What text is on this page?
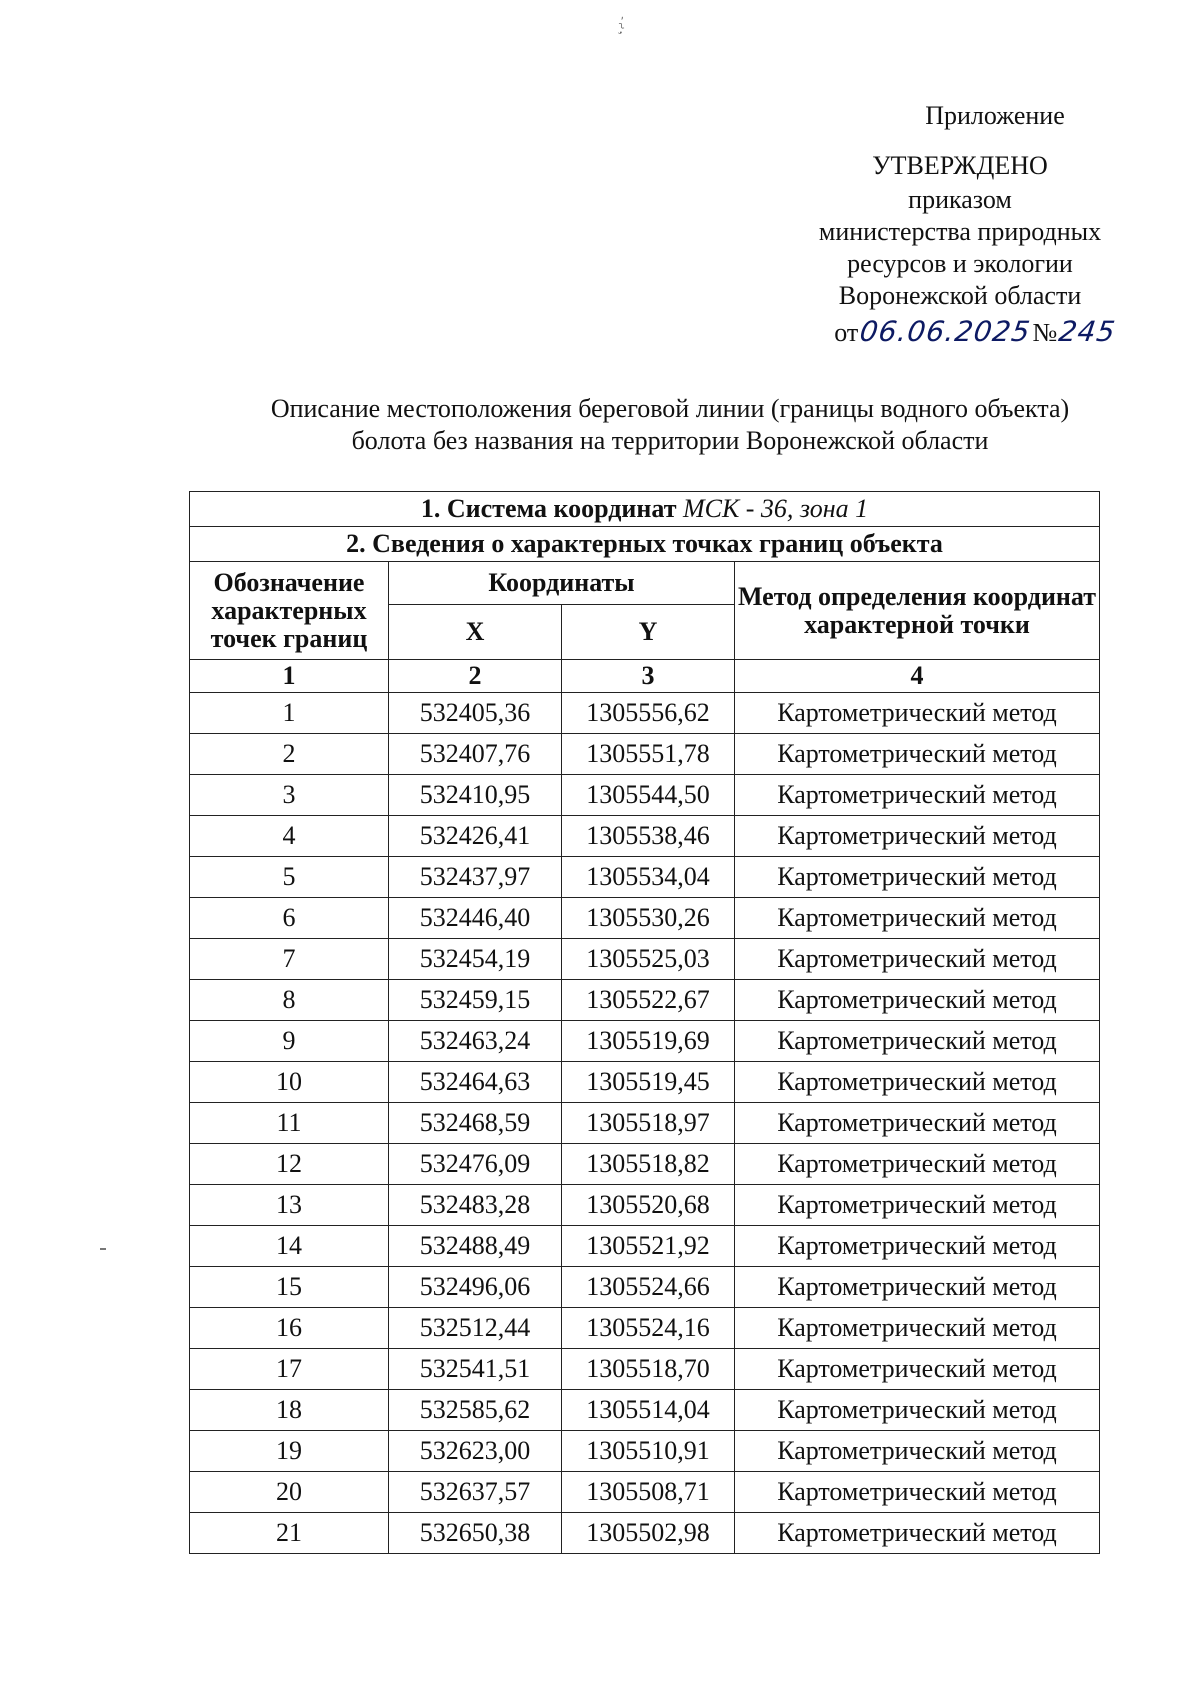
`~,
Приложение
УТВЕРЖДЕНО
приказом
министерства природных
ресурсов и экологии
Воронежской области
от 06.06.2025 № 245
Описание местоположения береговой линии (границы водного объекта)
болота без названия на территории Воронежской области
1. Система координат МСК - 36, зона 1			
2. Сведения о характерных точках границ объекта			
Обозначение характерных точек границ	Координаты		Метод определения координат характерной точки
	X	Y	
1	2	3	4
1	532405,36	1305556,62	Картометрический метод
2	532407,76	1305551,78	Картометрический метод
3	532410,95	1305544,50	Картометрический метод
4	532426,41	1305538,46	Картометрический метод
5	532437,97	1305534,04	Картометрический метод
6	532446,40	1305530,26	Картометрический метод
7	532454,19	1305525,03	Картометрический метод
8	532459,15	1305522,67	Картометрический метод
9	532463,24	1305519,69	Картометрический метод
10	532464,63	1305519,45	Картометрический метод
11	532468,59	1305518,97	Картометрический метод
12	532476,09	1305518,82	Картометрический метод
13	532483,28	1305520,68	Картометрический метод
14	532488,49	1305521,92	Картометрический метод
15	532496,06	1305524,66	Картометрический метод
16	532512,44	1305524,16	Картометрический метод
17	532541,51	1305518,70	Картометрический метод
18	532585,62	1305514,04	Картометрический метод
19	532623,00	1305510,91	Картометрический метод
20	532637,57	1305508,71	Картометрический метод
21	532650,38	1305502,98	Картометрический метод
